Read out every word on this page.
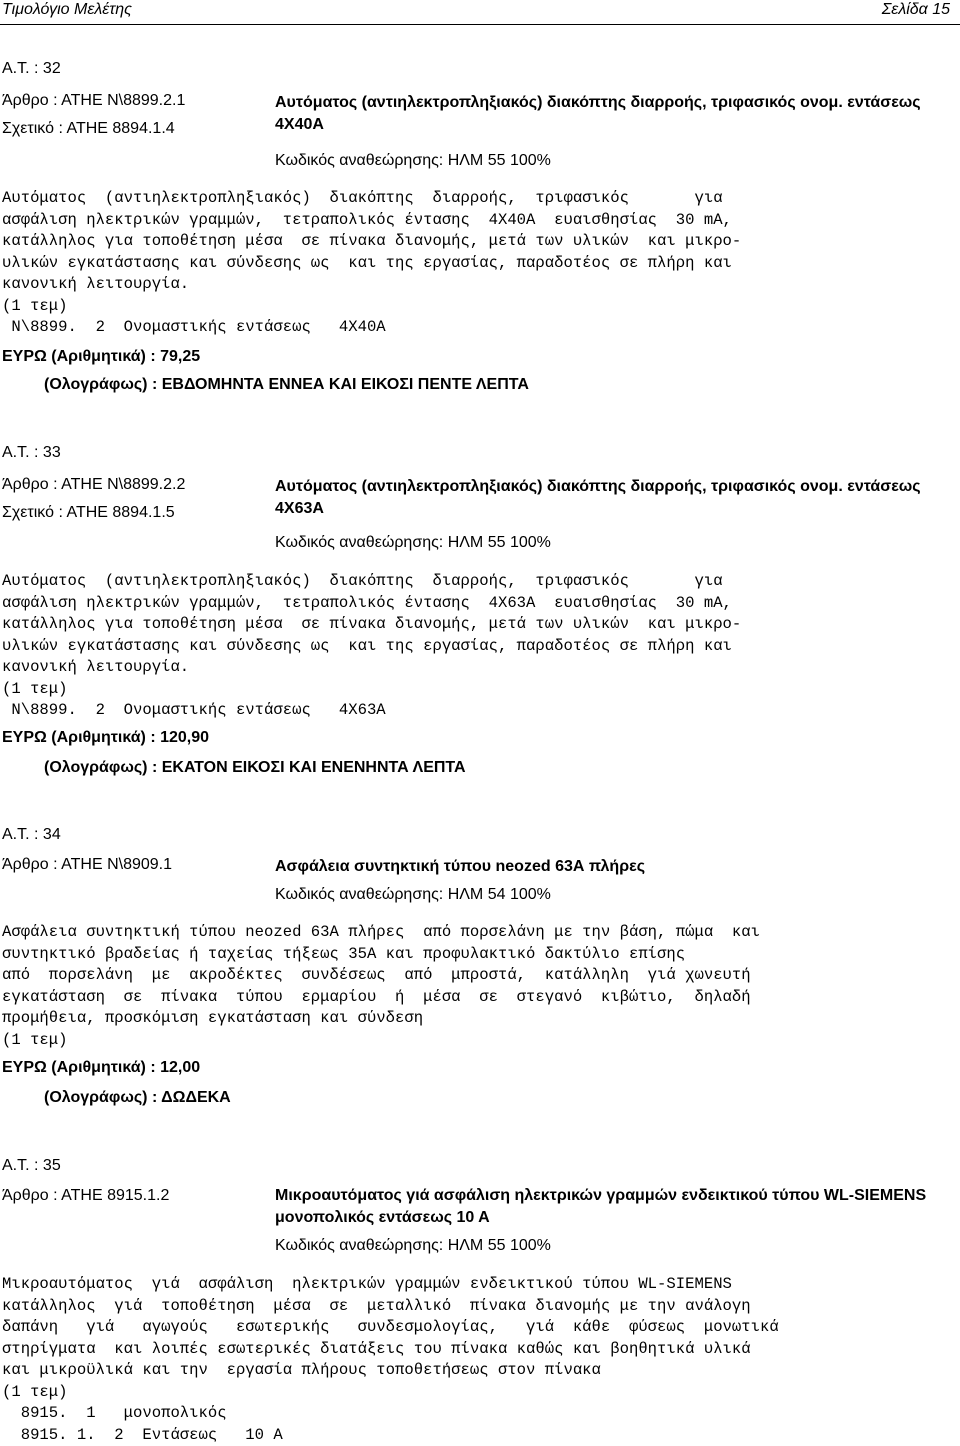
Τιμολόγιο Μελέτης	Σελίδα 15
Α.Τ. : 32
Άρθρο : ΑΤΗΕ Ν\8899.2.1
Σχετικό : ΑΤΗΕ 8894.1.4
Αυτόματος (αντιηλεκτροπληξιακός) διακόπτης διαρροής, τριφασικός ονομ. εντάσεως 4Χ40Α
Κωδικός αναθεώρησης: ΗΛΜ 55 100%
Αυτόματος  (αντιηλεκτροπληξιακός)  διακόπτης  διαρροής,  τριφασικός       για
ασφάλιση ηλεκτρικών γραμμών,  τετραπολικός έντασης  4Χ40Α  ευαισθησίας  30 mA,
κατάλληλος για τοποθέτηση μέσα  σε πίνακα διανομής, μετά των υλικών  και μικρο-
υλικών εγκατάστασης και σύνδεσης ως  και της εργασίας, παραδοτέος σε πλήρη και
κανονική λειτουργία.
(1 τεμ)
Ν\8899.  2  Ονομαστικής εντάσεως   4Χ40Α
ΕΥΡΩ (Αριθμητικά) : 79,25
(Ολογράφως) : ΕΒΔΟΜΗΝΤΑ ΕΝΝΕΑ ΚΑΙ ΕΙΚΟΣΙ ΠΕΝΤΕ ΛΕΠΤΑ
Α.Τ. : 33
Άρθρο : ΑΤΗΕ Ν\8899.2.2
Σχετικό : ΑΤΗΕ 8894.1.5
Αυτόματος (αντιηλεκτροπληξιακός) διακόπτης διαρροής, τριφασικός ονομ. εντάσεως 4Χ63Α
Κωδικός αναθεώρησης: ΗΛΜ 55 100%
Αυτόματος  (αντιηλεκτροπληξιακός)  διακόπτης  διαρροής,  τριφασικός       για
ασφάλιση ηλεκτρικών γραμμών,  τετραπολικός έντασης  4Χ63Α  ευαισθησίας  30 mA,
κατάλληλος για τοποθέτηση μέσα  σε πίνακα διανομής, μετά των υλικών  και μικρο-
υλικών εγκατάστασης και σύνδεσης ως  και της εργασίας, παραδοτέος σε πλήρη και
κανονική λειτουργία.
(1 τεμ)
Ν\8899.  2  Ονομαστικής εντάσεως   4Χ63Α
ΕΥΡΩ (Αριθμητικά) : 120,90
(Ολογράφως) : ΕΚΑΤΟΝ ΕΙΚΟΣΙ ΚΑΙ ΕΝΕΝΗΝΤΑ ΛΕΠΤΑ
Α.Τ. : 34
Άρθρο : ΑΤΗΕ Ν\8909.1	Ασφάλεια συντηκτική τύπου neozed 63Α πλήρες
Κωδικός αναθεώρησης: ΗΛΜ 54 100%
Ασφάλεια συντηκτική τύπου neozed 63Α πλήρες  από πορσελάνη με την βάση, πώμα  και
συντηκτικό βραδείας ή ταχείας τήξεως 35Α και προφυλακτικό δακτύλιο επίσης
από  πορσελάνη  με  ακροδέκτες  συνδέσεως  από  μπροστά,  κατάλληλη  γιά χωνευτή
εγκατάσταση  σε  πίνακα  τύπου  ερμαρίου  ή  μέσα  σε  στεγανό  κιβώτιο,  δηλαδή
προμήθεια, προσκόμιση εγκατάσταση και σύνδεση
(1 τεμ)
ΕΥΡΩ (Αριθμητικά) : 12,00
(Ολογράφως) : ΔΩΔΕΚΑ
Α.Τ. : 35
Άρθρο : ΑΤΗΕ 8915.1.2	Μικροαυτόματος γιά ασφάλιση ηλεκτρικών γραμμών ενδεικτικού τύπου WL-SIEMENS μονοπολικός εντάσεως 10 Α
Κωδικός αναθεώρησης: ΗΛΜ 55 100%
Μικροαυτόματος  γιά  ασφάλιση  ηλεκτρικών γραμμών ενδεικτικού τύπου WL-SIEMENS
κατάλληλος  γιά  τοποθέτηση  μέσα  σε  μεταλλικό  πίνακα διανομής με την ανάλογη
δαπάνη   γιά   αγωγούς   εσωτερικής   συνδεσμολογίας,   γιά  κάθε  φύσεως  μονωτικά
στηρίγματα  και λοιπές εσωτερικές διατάξεις του πίνακα καθώς και βοηθητικά υλικά
και μικροϋλικά και την  εργασία πλήρους τοποθετήσεως στον πίνακα
(1 τεμ)
8915.  1   μονοπολικός
8915. 1.  2  Εντάσεως   10 Α
